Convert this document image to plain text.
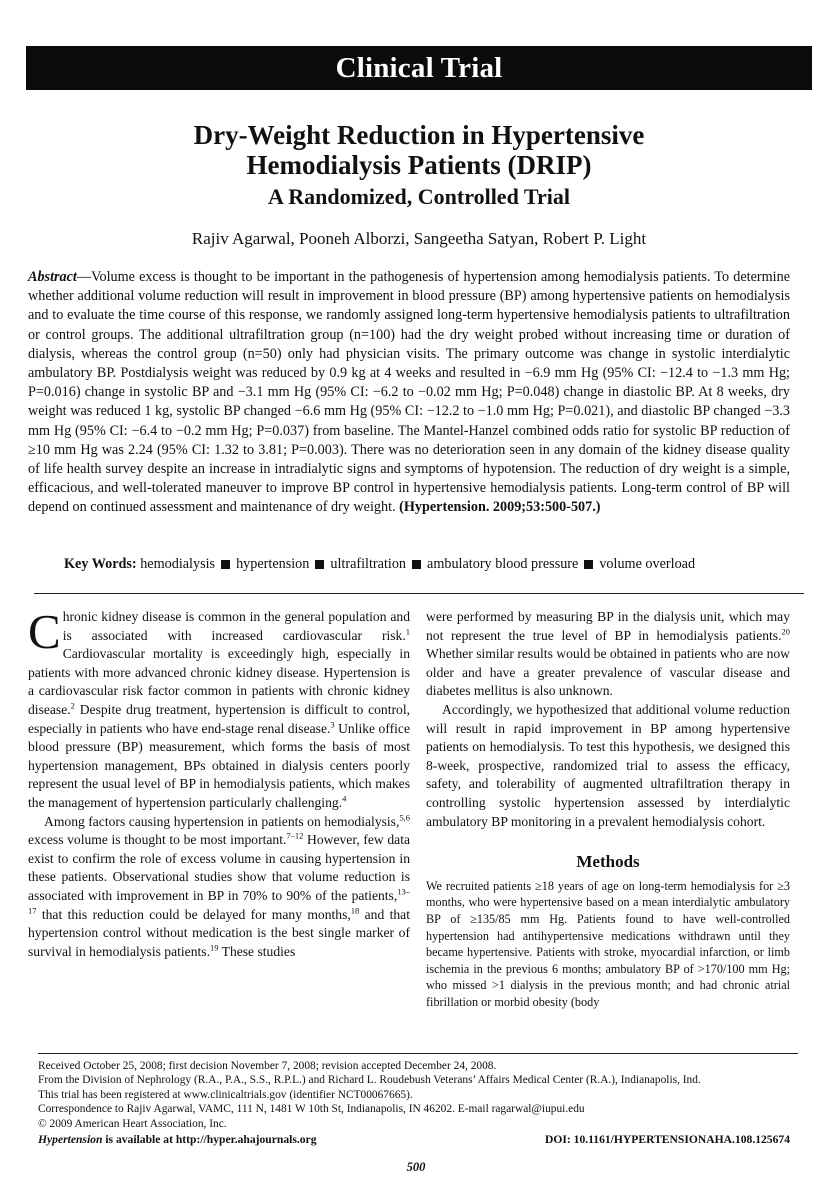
Clinical Trial
Dry-Weight Reduction in Hypertensive
Hemodialysis Patients (DRIP)
A Randomized, Controlled Trial
Rajiv Agarwal, Pooneh Alborzi, Sangeetha Satyan, Robert P. Light
Abstract—Volume excess is thought to be important in the pathogenesis of hypertension among hemodialysis patients. To determine whether additional volume reduction will result in improvement in blood pressure (BP) among hypertensive patients on hemodialysis and to evaluate the time course of this response, we randomly assigned long-term hypertensive hemodialysis patients to ultrafiltration or control groups. The additional ultrafiltration group (n=100) had the dry weight probed without increasing time or duration of dialysis, whereas the control group (n=50) only had physician visits. The primary outcome was change in systolic interdialytic ambulatory BP. Postdialysis weight was reduced by 0.9 kg at 4 weeks and resulted in −6.9 mm Hg (95% CI: −12.4 to −1.3 mm Hg; P=0.016) change in systolic BP and −3.1 mm Hg (95% CI: −6.2 to −0.02 mm Hg; P=0.048) change in diastolic BP. At 8 weeks, dry weight was reduced 1 kg, systolic BP changed −6.6 mm Hg (95% CI: −12.2 to −1.0 mm Hg; P=0.021), and diastolic BP changed −3.3 mm Hg (95% CI: −6.4 to −0.2 mm Hg; P=0.037) from baseline. The Mantel-Hanzel combined odds ratio for systolic BP reduction of ≥10 mm Hg was 2.24 (95% CI: 1.32 to 3.81; P=0.003). There was no deterioration seen in any domain of the kidney disease quality of life health survey despite an increase in intradialytic signs and symptoms of hypotension. The reduction of dry weight is a simple, efficacious, and well-tolerated maneuver to improve BP control in hypertensive hemodialysis patients. Long-term control of BP will depend on continued assessment and maintenance of dry weight. (Hypertension. 2009;53:500-507.)
Key Words: hemodialysis hypertension ultrafiltration ambulatory blood pressure volume overload

Chronic kidney disease is common in the general population and is associated with increased cardiovascular risk.$^1$ Cardiovascular mortality is exceedingly high, especially in patients with more advanced chronic kidney disease. Hypertension is a cardiovascular risk factor common in patients with chronic kidney disease.$^2$ Despite drug treatment, hypertension is difficult to control, especially in patients who have end-stage renal disease.$^3$ Unlike office blood pressure (BP) measurement, which forms the basis of most hypertension management, BPs obtained in dialysis centers poorly represent the usual level of BP in hemodialysis patients, which makes the management of hypertension particularly challenging.$^4$

Among factors causing hypertension in patients on hemodialysis,$^{5,6}$ excess volume is thought to be most important.$^{7-12}$ However, few data exist to confirm the role of excess volume in causing hypertension in these patients. Observational studies show that volume reduction is associated with improvement in BP in 70% to 90% of the patients,$^{13-17}$ that this reduction could be delayed for many months,$^{18}$ and that hypertension control without medication is the best single marker of survival in hemodialysis patients.$^{19}$ These studies

were performed by measuring BP in the dialysis unit, which may not represent the true level of BP in hemodialysis patients.$^{20}$ Whether similar results would be obtained in patients who are now older and have a greater prevalence of vascular disease and diabetes mellitus is also unknown.

Accordingly, we hypothesized that additional volume reduction will result in rapid improvement in BP among hypertensive patients on hemodialysis. To test this hypothesis, we designed this 8-week, prospective, randomized trial to assess the efficacy, safety, and tolerability of augmented ultrafiltration therapy in controlling systolic hypertension assessed by interdialytic ambulatory BP monitoring in a prevalent hemodialysis cohort.

Methods

We recruited patients ≥18 years of age on long-term hemodialysis for ≥3 months, who were hypertensive based on a mean interdialytic ambulatory BP of ≥135/85 mm Hg. Patients found to have well-controlled hypertension had antihypertensive medications withdrawn until they became hypertensive. Patients with stroke, myocardial infarction, or limb ischemia in the previous 6 months; ambulatory BP of >170/100 mm Hg; who missed >1 dialysis in the previous month; and had chronic atrial fibrillation or morbid obesity (body

Received October 25, 2008; first decision November 7, 2008; revision accepted December 24, 2008.
From the Division of Nephrology (R.A., P.A., S.S., R.P.L.) and Richard L. Roudebush Veterans’ Affairs Medical Center (R.A.), Indianapolis, Ind.
This trial has been registered at www.clinicaltrials.gov (identifier NCT00067665).
Correspondence to Rajiv Agarwal, VAMC, 111 N, 1481 W 10th St, Indianapolis, IN 46202. E-mail ragarwal@iupui.edu
© 2009 American Heart Association, Inc.
Hypertension is available at http://hyper.ahajournals.org	DOI: 10.1161/HYPERTENSIONAHA.108.125674
500
